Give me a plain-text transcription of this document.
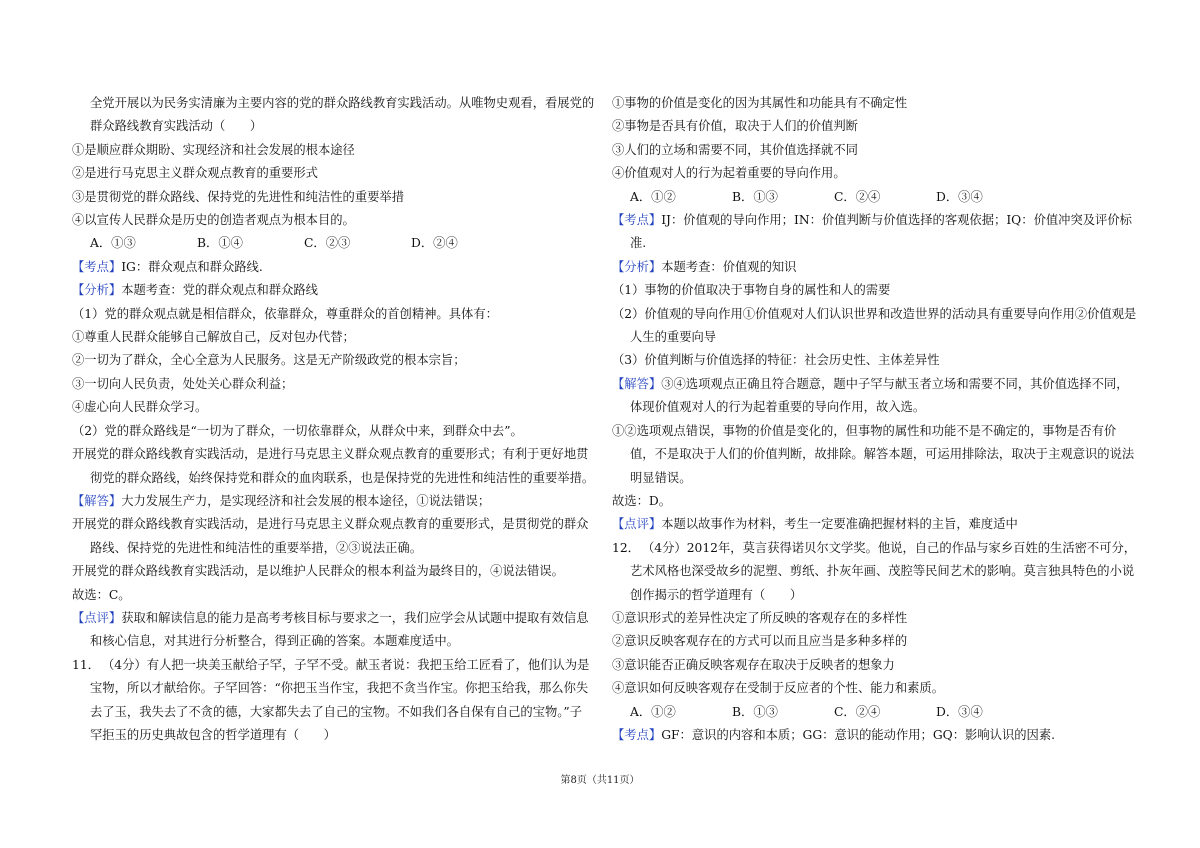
全党开展以为民务实清廉为主要内容的党的群众路线教育实践活动。从唯物史观看，看展党的

群众路线教育实践活动（　　）

①是顺应群众期盼、实现经济和社会发展的根本途径

②是进行马克思主义群众观点教育的重要形式

③是贯彻党的群众路线、保持党的先进性和纯洁性的重要举措

④以宣传人民群众是历史的创造者观点为根本目的。

A．①③	B．①④	C．②③	D．②④

【考点】IG：群众观点和群众路线.

【分析】本题考查：党的群众观点和群众路线

（1）党的群众观点就是相信群众，依靠群众，尊重群众的首创精神。具体有：

①尊重人民群众能够自己解放自己，反对包办代替；

②一切为了群众，全心全意为人民服务。这是无产阶级政党的根本宗旨；

③一切向人民负责，处处关心群众利益；

④虚心向人民群众学习。

（2）党的群众路线是“一切为了群众，一切依靠群众，从群众中来，到群众中去”。

开展党的群众路线教育实践活动，是进行马克思主义群众观点教育的重要形式；有利于更好地贯

彻党的群众路线，始终保持党和群众的血肉联系，也是保持党的先进性和纯洁性的重要举措。

【解答】大力发展生产力，是实现经济和社会发展的根本途径，①说法错误；

开展党的群众路线教育实践活动，是进行马克思主义群众观点教育的重要形式，是贯彻党的群众

路线、保持党的先进性和纯洁性的重要举措，②③说法正确。

开展党的群众路线教育实践活动，是以维护人民群众的根本利益为最终目的，④说法错误。

故选：C。

【点评】获取和解读信息的能力是高考考核目标与要求之一，我们应学会从试题中提取有效信息

和核心信息，对其进行分析整合，得到正确的答案。本题难度适中。

11． （4分）有人把一块美玉献给子罕，子罕不受。献玉者说：我把玉给工匠看了，他们认为是

宝物，所以才献给你。子罕回答：“你把玉当作宝，我把不贪当作宝。你把玉给我，那么你失

去了玉，我失去了不贪的德，大家都失去了自己的宝物。不如我们各自保有自己的宝物。”子

罕拒玉的历史典故包含的哲学道理有（　　）

①事物的价值是变化的因为其属性和功能具有不确定性

②事物是否具有价值，取决于人们的价值判断

③人们的立场和需要不同，其价值选择就不同

④价值观对人的行为起着重要的导向作用。

A．①②	B．①③	C．②④	D．③④

【考点】IJ：价值观的导向作用；IN：价值判断与价值选择的客观依据；IQ：价值冲突及评价标

准.

【分析】本题考查：价值观的知识

（1）事物的价值取决于事物自身的属性和人的需要

（2）价值观的导向作用①价值观对人们认识世界和改造世界的活动具有重要导向作用②价值观是

人生的重要向导

（3）价值判断与价值选择的特征：社会历史性、主体差异性

【解答】③④选项观点正确且符合题意，题中子罕与献玉者立场和需要不同，其价值选择不同，

体现价值观对人的行为起着重要的导向作用，故入选。

①②选项观点错误，事物的价值是变化的，但事物的属性和功能不是不确定的，事物是否有价

值，不是取决于人们的价值判断，故排除。解答本题，可运用排除法，取决于主观意识的说法

明显错误。

故选：D。

【点评】本题以故事作为材料，考生一定要准确把握材料的主旨，难度适中

12． （4分）2012年，莫言获得诺贝尔文学奖。他说，自己的作品与家乡百姓的生活密不可分，

艺术风格也深受故乡的泥塑、剪纸、扑灰年画、茂腔等民间艺术的影响。莫言独具特色的小说

创作揭示的哲学道理有（　　）

①意识形式的差异性决定了所反映的客观存在的多样性

②意识反映客观存在的方式可以而且应当是多种多样的

③意识能否正确反映客观存在取决于反映者的想象力

④意识如何反映客观存在受制于反应者的个性、能力和素质。

A．①②	B．①③	C．②④	D．③④

【考点】GF：意识的内容和本质；GG：意识的能动作用；GQ：影响认识的因素.

第8页（共11页）
